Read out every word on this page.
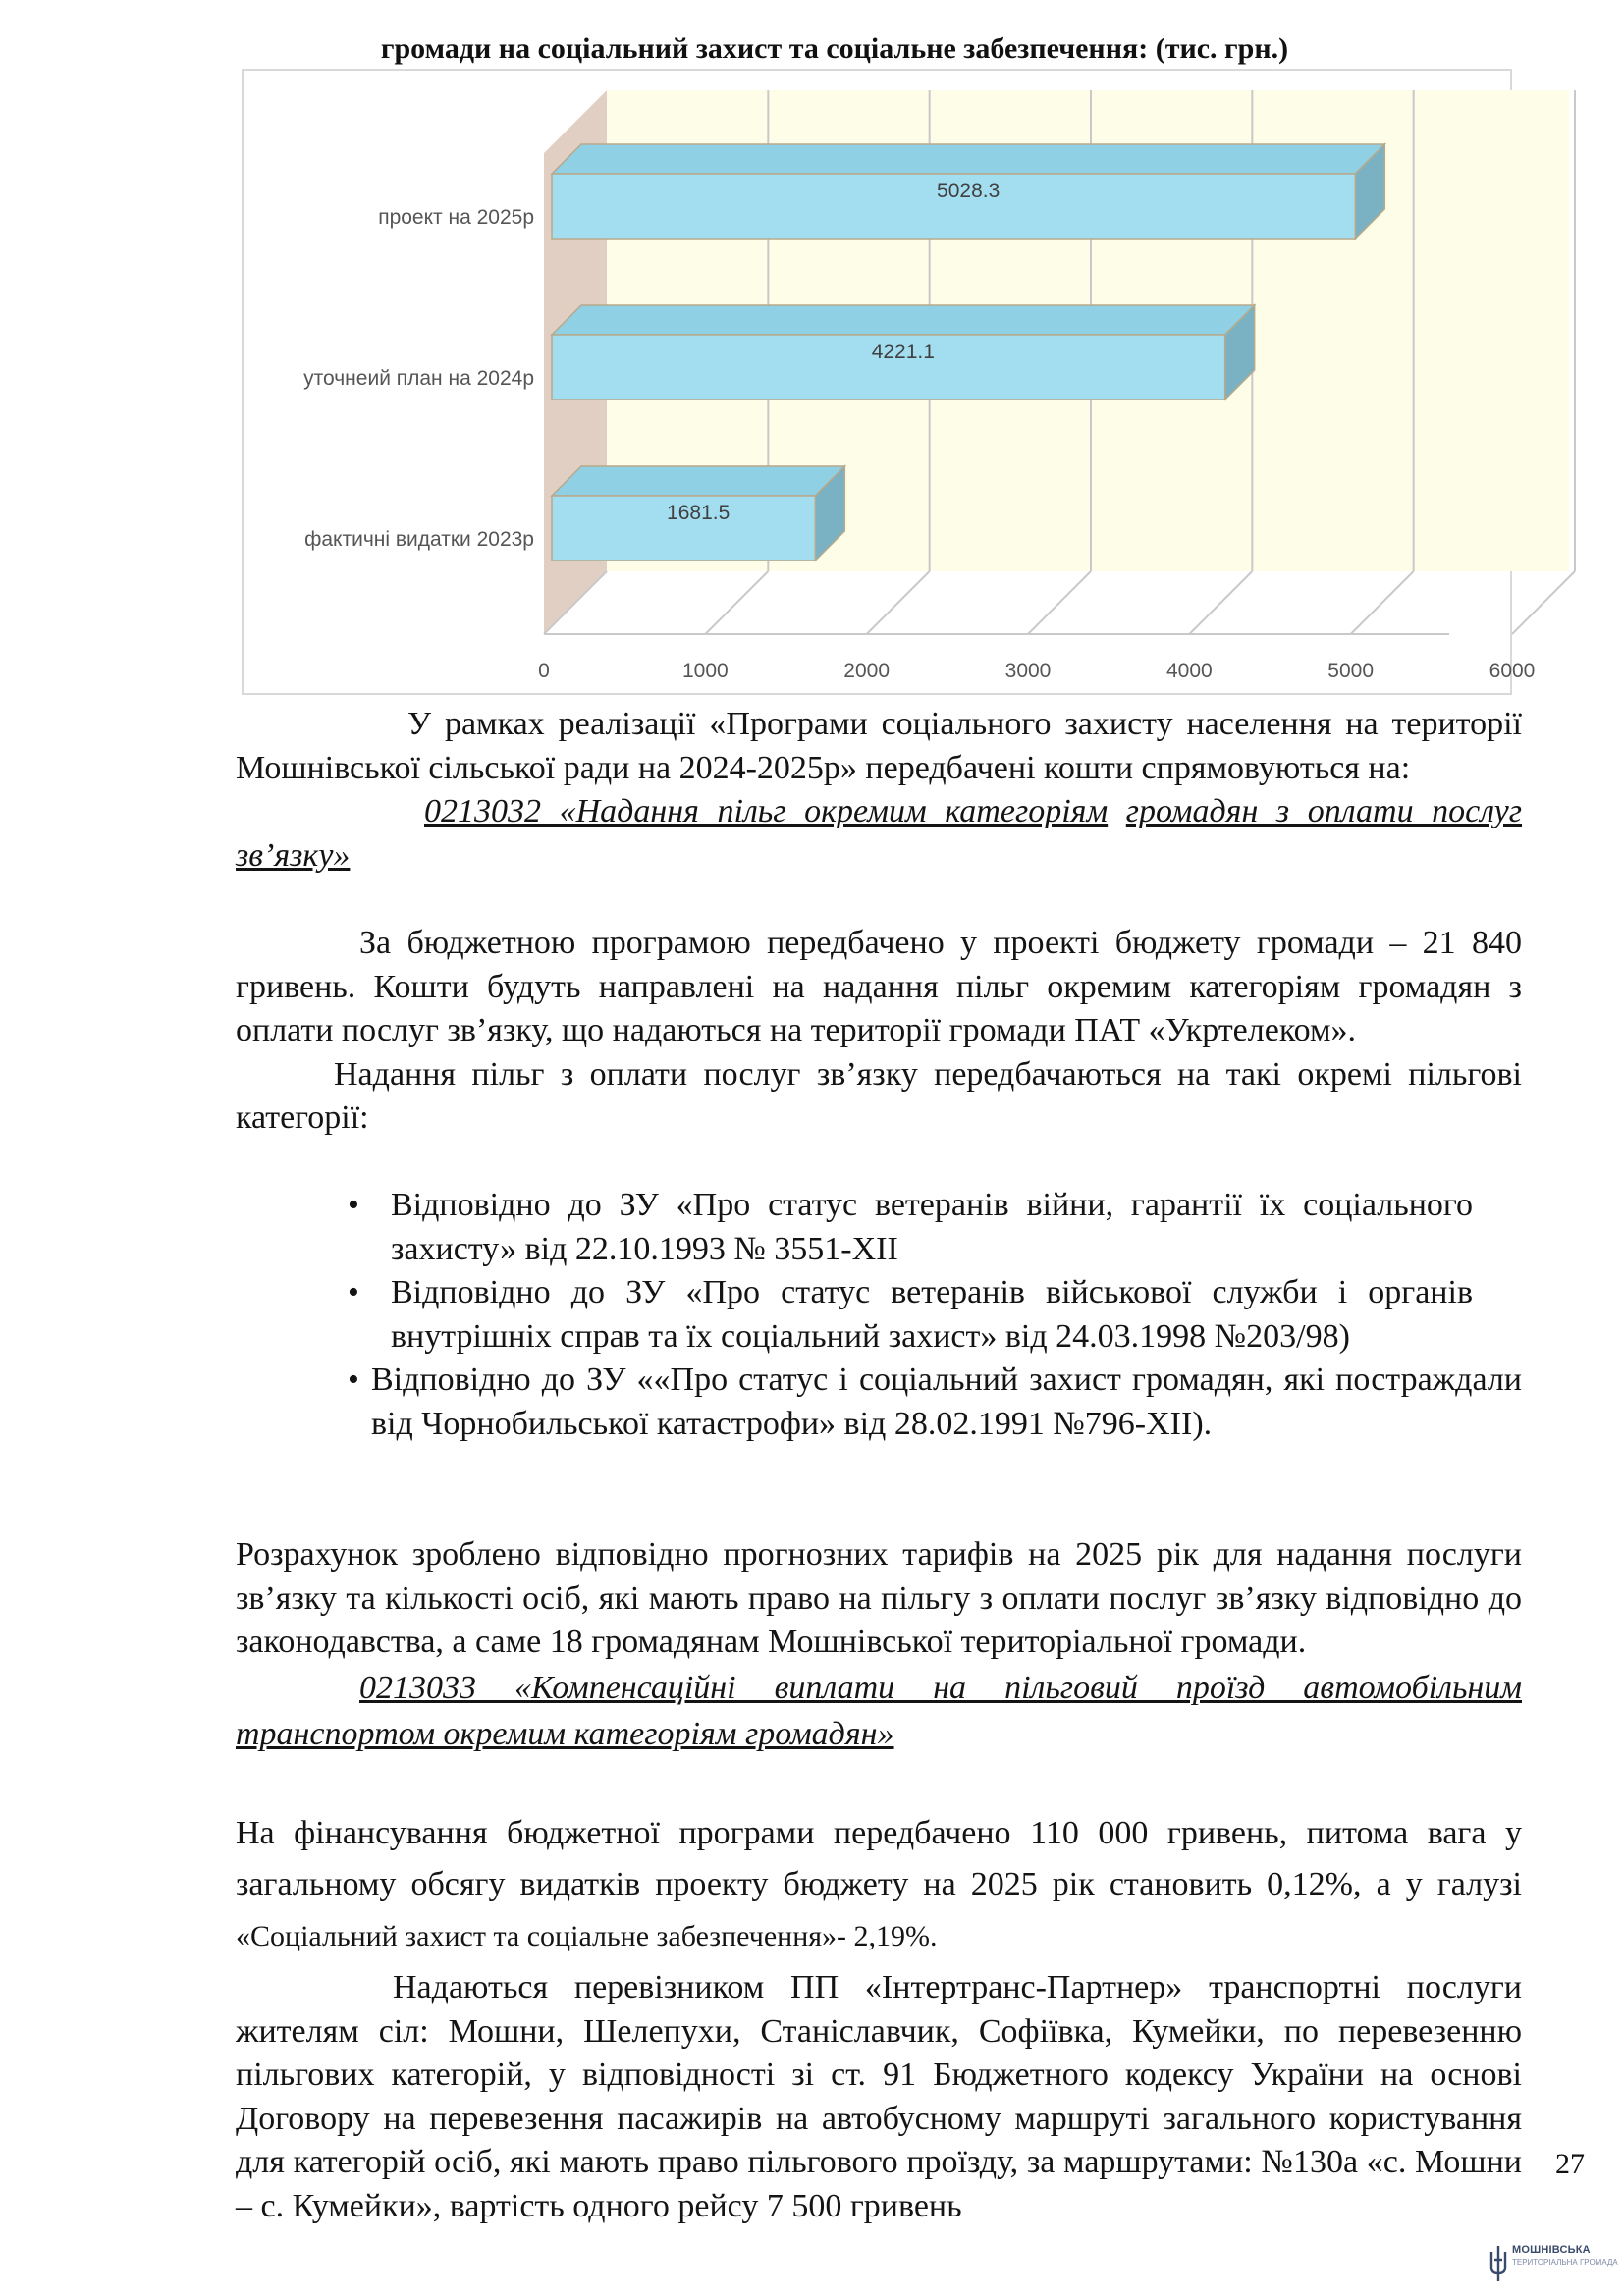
громади на соціальний захист та соціальне забезпечення: (тис. грн.)
0	1000	2000	3000	4000	5000	6000
5028.3
проект на 2025р
4221.1
уточнеий план на 2024р
1681.5
фактичні видатки 2023р

У рамках реалізації «Програми соціального захисту населення на території Мошнівської сільської ради на 2024-2025р» передбачені кошти спрямовуються на:

0213032 «Надання пільг окремим категоріям громадян з оплати послуг зв’язку»

За бюджетною програмою передбачено у проекті бюджету громади – 21 840 гривень. Кошти будуть направлені на надання пільг окремим категоріям громадян з оплати послуг зв’язку, що надаються на території громади ПАТ «Укртелеком».

Надання пільг з оплати послуг зв’язку передбачаються на такі окремі пільгові категорії:

• Відповідно до ЗУ «Про статус ветеранів війни, гарантії їх соціального захисту» від 22.10.1993 № 3551-XII
• Відповідно до ЗУ «Про статус ветеранів військової служби і органів внутрішніх справ та їх соціальний захист» від 24.03.1998 №203/98)
• Відповідно до ЗУ ««Про статус і соціальний захист громадян, які постраждали від Чорнобильської катастрофи» від 28.02.1991 №796-XII).

Розрахунок зроблено відповідно прогнозних тарифів на 2025 рік для надання послуги зв’язку та кількості осіб, які мають право на пільгу з оплати послуг зв’язку відповідно до законодавства, а саме 18 громадянам Мошнівської територіальної громади.

0213033 «Компенсаційні виплати на пільговий проїзд автомобільним транспортом окремим категоріям громадян»

На фінансування бюджетної програми передбачено 110 000 гривень, питома вага у загальному обсягу видатків проекту бюджету на 2025 рік становить 0,12%, а у галузі «Соціальний захист та соціальне забезпечення»- 2,19%.

Надаються перевізником ПП «Інтертранс-Партнер» транспортні послуги жителям сіл: Мошни, Шелепухи, Станіславчик, Софіївка, Кумейки, по перевезенню пільгових категорій, у відповідності зі ст. 91 Бюджетного кодексу України на основі Договору на перевезення пасажирів на автобусному маршруті загального користування для категорій осіб, які мають право пільгового проїзду, за маршрутами: №130а «с. Мошни – с. Кумейки», вартість одного рейсу 7 500 гривень

27
МОШНІВСЬКА
ТЕРИТОРІАЛЬНА ГРОМАДА
